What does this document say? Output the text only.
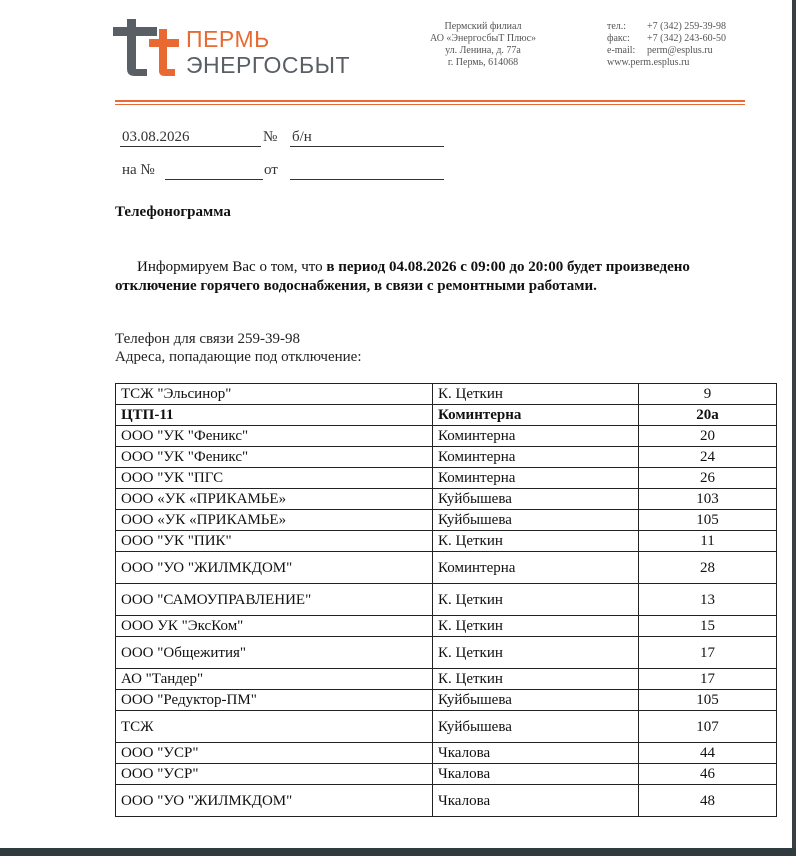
ПЕРМЬ
ЭНЕРГОСБЫТ
Пермский филиал
АО «ЭнергосбыТ Плюс»
ул. Ленина, д. 77а
г. Пермь, 614068
тел.: +7 (342) 259-39-98
факс: +7 (342) 243-60-50
e-mail: perm@esplus.ru
www.perm.esplus.ru
03.08.2026	№ б/н
на №	от
Телефонограмма
Информируем Вас о том, что в период 04.08.2026 с 09:00 до 20:00 будет произведено отключение горячего водоснабжения, в связи с ремонтными работами.
Телефон для связи 259-39-98
Адреса, попадающие под отключение:
ТСЖ "Эльсинор"	К. Цеткин	9
ЦТП-11	Коминтерна	20а
ООО "УК "Феникс"	Коминтерна	20
ООО "УК "Феникс"	Коминтерна	24
ООО "УК "ПГС	Коминтерна	26
ООО «УК «ПРИКАМЬЕ»	Куйбышева	103
ООО «УК «ПРИКАМЬЕ»	Куйбышева	105
ООО "УК "ПИК"	К. Цеткин	11
ООО "УО "ЖИЛМКДОМ"	Коминтерна	28
ООО "САМОУПРАВЛЕНИЕ"	К. Цеткин	13
ООО УК "ЭксКом"	К. Цеткин	15
ООО "Общежития"	К. Цеткин	17
АО "Тандер"	К. Цеткин	17
ООО "Редуктор-ПМ"	Куйбышева	105
ТСЖ	Куйбышева	107
ООО "УСР"	Чкалова	44
ООО "УСР"	Чкалова	46
ООО "УО "ЖИЛМКДОМ"	Чкалова	48
